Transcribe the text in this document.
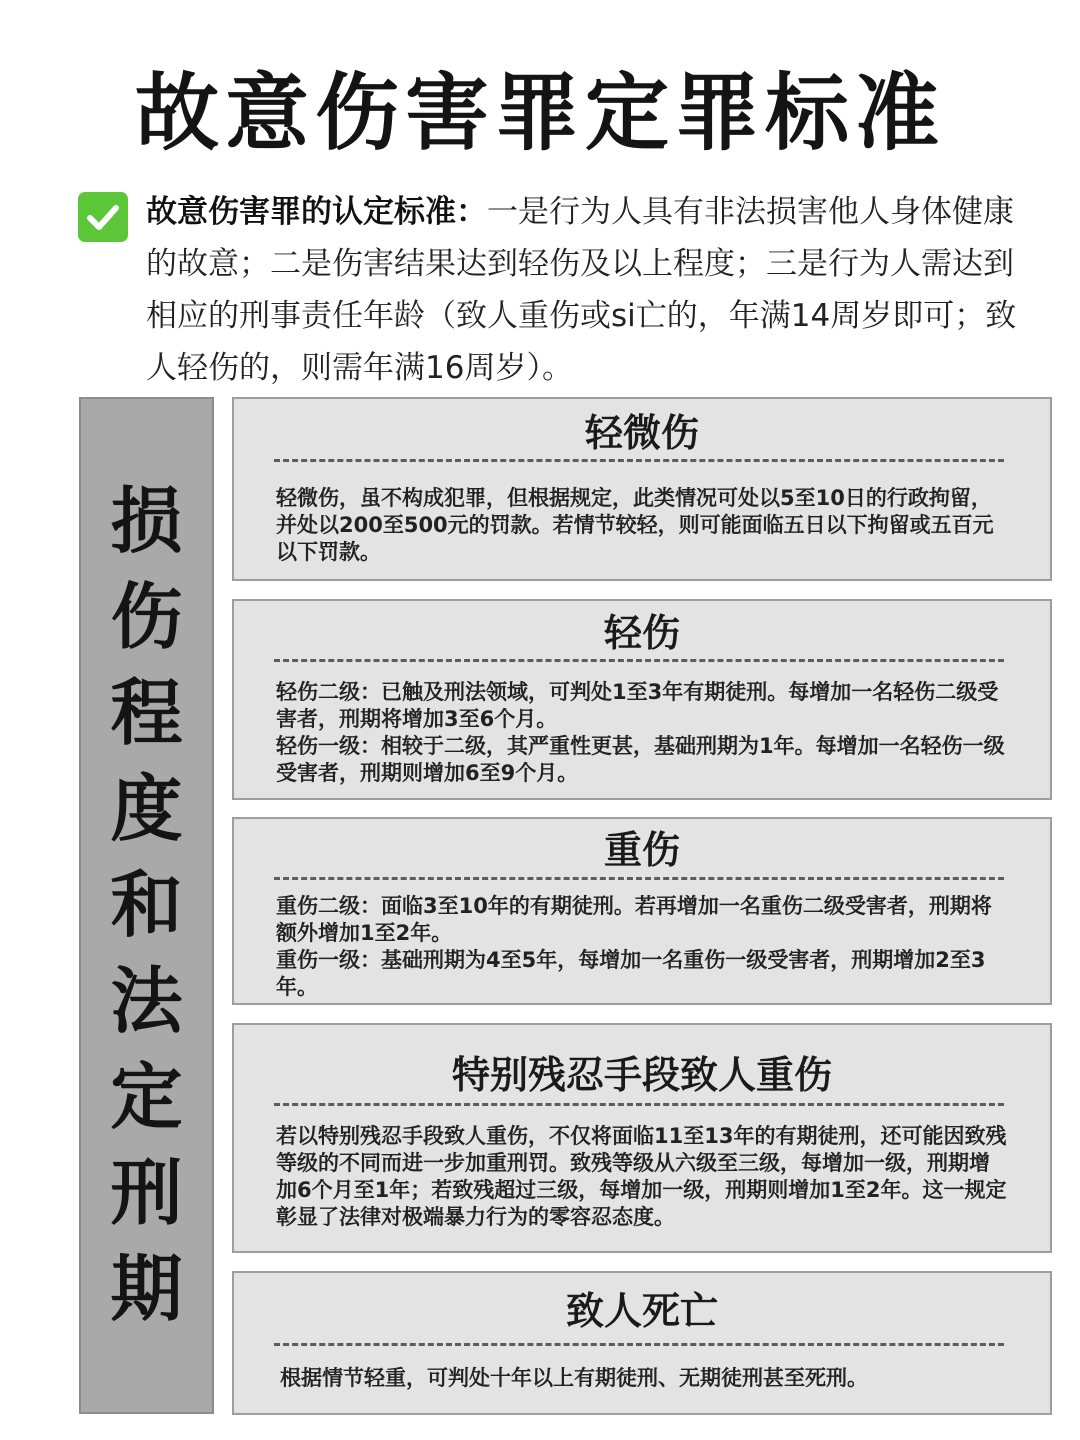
故意伤害罪定罪标准
故意伤害罪的认定标准：一是行为人具有非法损害他人身体健康的故意；二是伤害结果达到轻伤及以上程度；三是行为人需达到相应的刑事责任年龄（致人重伤或si亡的，年满14周岁即可；致人轻伤的，则需年满16周岁）。
损
伤
程
度
和
法
定
刑
期
轻微伤

轻微伤，虽不构成犯罪，但根据规定，此类情况可处以5至10日的行政拘留，并处以200至500元的罚款。若情节较轻，则可能面临五日以下拘留或五百元以下罚款。

轻伤

轻伤二级：已触及刑法领域，可判处1至3年有期徒刑。每增加一名轻伤二级受害者，刑期将增加3至6个月。

轻伤一级：相较于二级，其严重性更甚，基础刑期为1年。每增加一名轻伤一级受害者，刑期则增加6至9个月。

重伤

重伤二级：面临3至10年的有期徒刑。若再增加一名重伤二级受害者，刑期将额外增加1至2年。

重伤一级：基础刑期为4至5年，每增加一名重伤一级受害者，刑期增加2至3年。

特别残忍手段致人重伤

若以特别残忍手段致人重伤，不仅将面临11至13年的有期徒刑，还可能因致残等级的不同而进一步加重刑罚。致残等级从六级至三级，每增加一级，刑期增加6个月至1年；若致残超过三级，每增加一级，刑期则增加1至2年。这一规定彰显了法律对极端暴力行为的零容忍态度。

致人死亡

根据情节轻重，可判处十年以上有期徒刑、无期徒刑甚至死刑。
